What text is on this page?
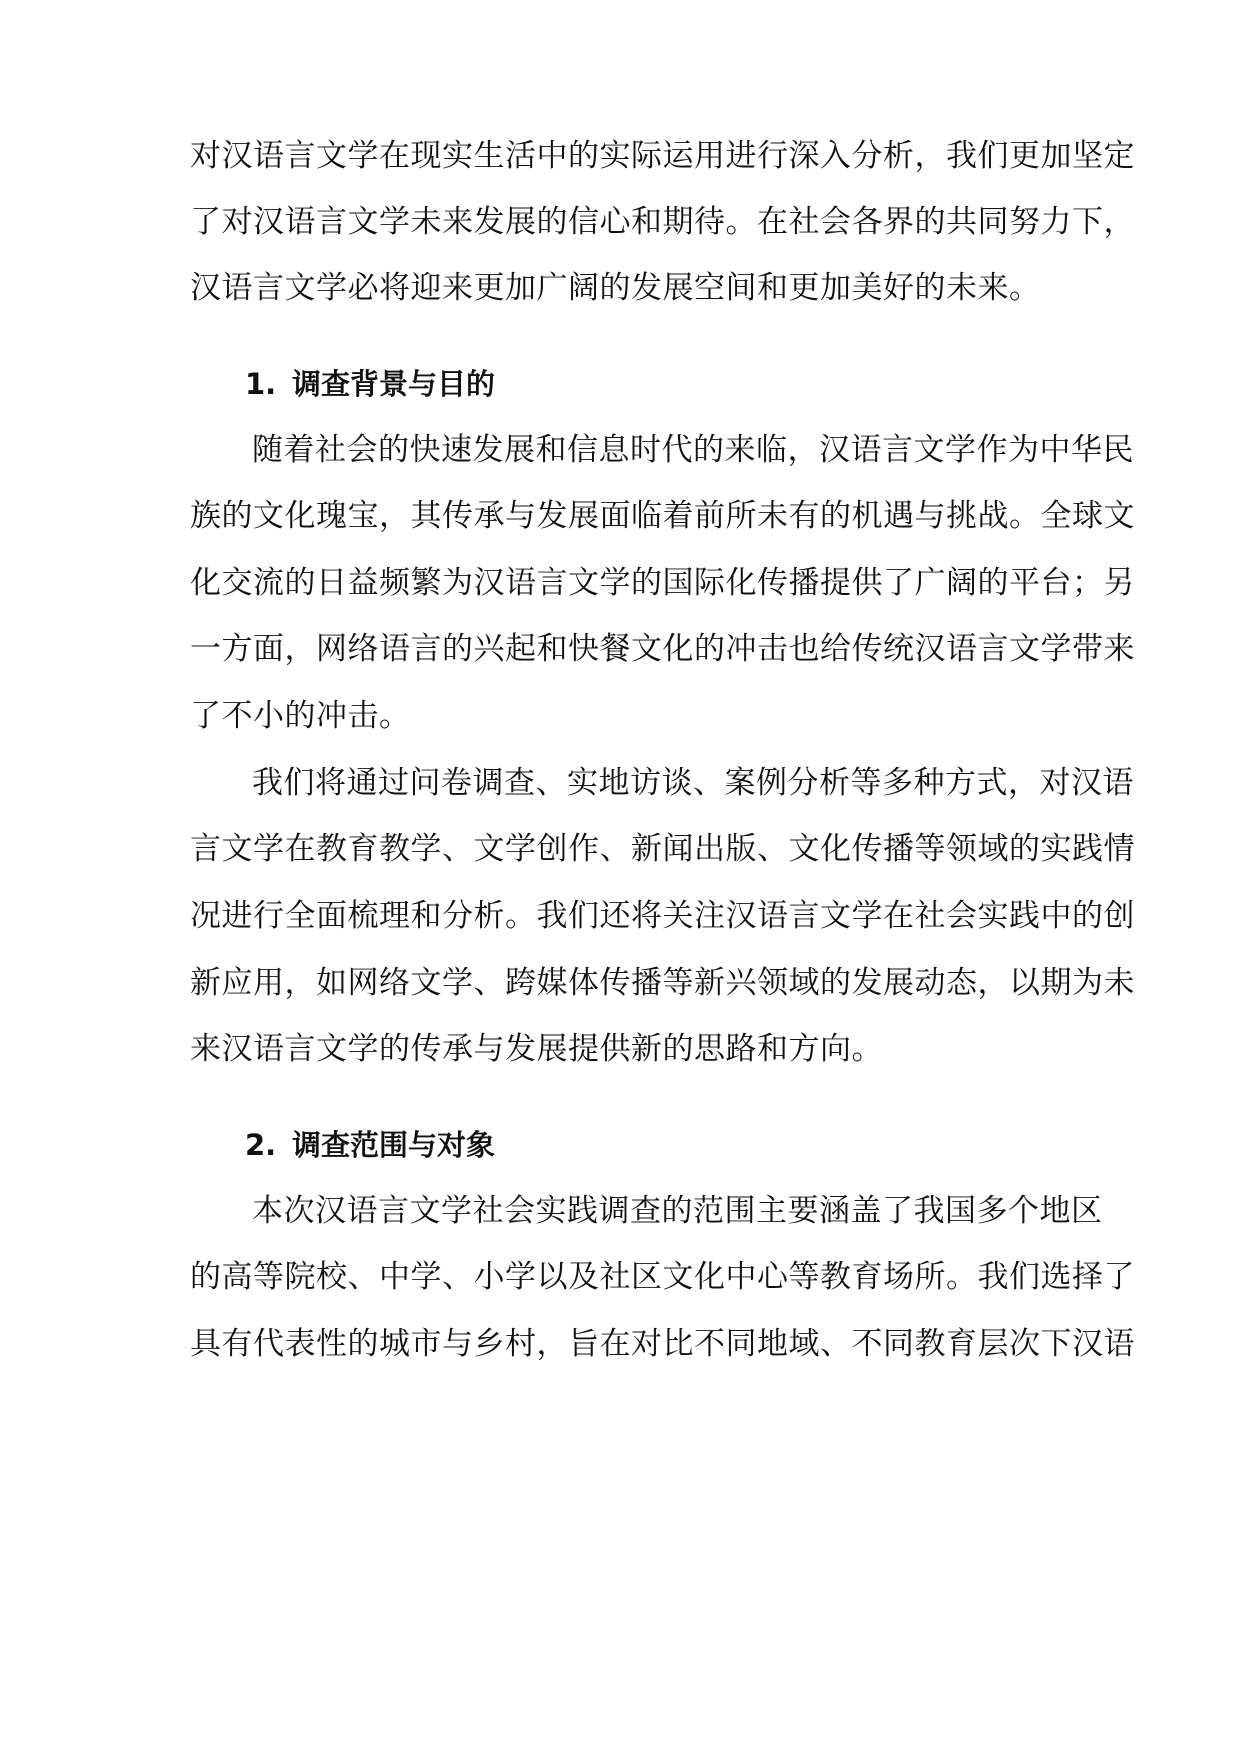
对汉语言文学在现实生活中的实际运用进行深入分析，我们更加坚定

了对汉语言文学未来发展的信心和期待。在社会各界的共同努力下，

汉语言文学必将迎来更加广阔的发展空间和更加美好的未来。

1. 调查背景与目的

随着社会的快速发展和信息时代的来临，汉语言文学作为中华民

族的文化瑰宝，其传承与发展面临着前所未有的机遇与挑战。全球文

化交流的日益频繁为汉语言文学的国际化传播提供了广阔的平台；另

一方面，网络语言的兴起和快餐文化的冲击也给传统汉语言文学带来

了不小的冲击。

我们将通过问卷调查、实地访谈、案例分析等多种方式，对汉语

言文学在教育教学、文学创作、新闻出版、文化传播等领域的实践情

况进行全面梳理和分析。我们还将关注汉语言文学在社会实践中的创

新应用，如网络文学、跨媒体传播等新兴领域的发展动态，以期为未

来汉语言文学的传承与发展提供新的思路和方向。

2. 调查范围与对象

本次汉语言文学社会实践调查的范围主要涵盖了我国多个地区

的高等院校、中学、小学以及社区文化中心等教育场所。我们选择了

具有代表性的城市与乡村，旨在对比不同地域、不同教育层次下汉语
